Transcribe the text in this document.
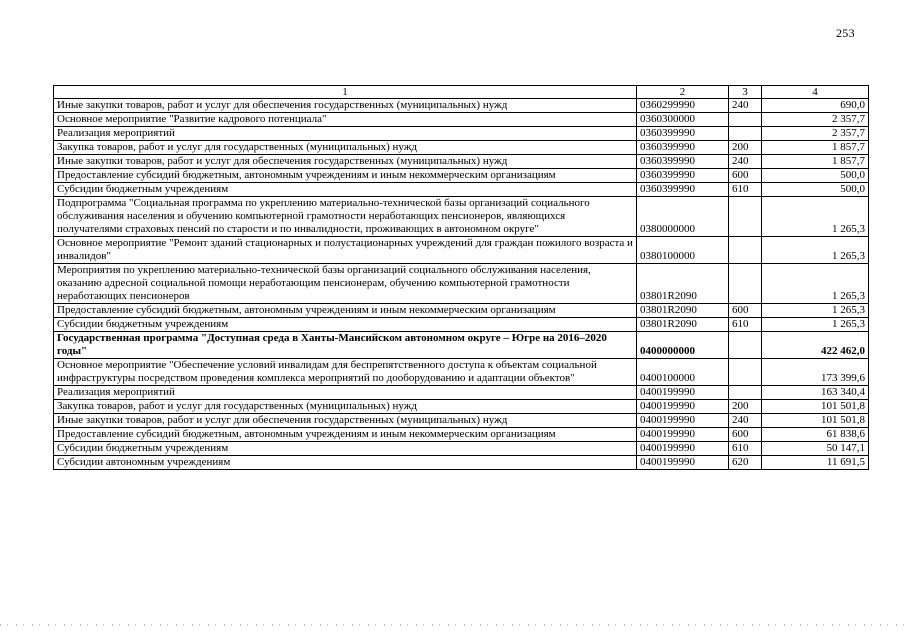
253
1	2	3	4
Иные закупки товаров, работ и услуг для обеспечения государственных (муниципальных) нужд	0360299990	240	690,0
Основное мероприятие "Развитие кадрового потенциала"	0360300000		2 357,7
Реализация мероприятий	0360399990		2 357,7
Закупка товаров, работ и услуг для государственных (муниципальных) нужд	0360399990	200	1 857,7
Иные закупки товаров, работ и услуг для обеспечения государственных (муниципальных) нужд	0360399990	240	1 857,7
Предоставление субсидий бюджетным, автономным учреждениям и иным некоммерческим организациям	0360399990	600	500,0
Субсидии бюджетным учреждениям	0360399990	610	500,0
Подпрограмма "Социальная программа по укреплению материально-технической базы организаций социального обслуживания населения и обучению компьютерной грамотности неработающих пенсионеров, являющихся получателями страховых пенсий по старости и по инвалидности, проживающих в автономном округе"	0380000000		1 265,3
Основное мероприятие "Ремонт зданий стационарных и полустационарных учреждений для граждан пожилого возраста и инвалидов"	0380100000		1 265,3
Мероприятия по укреплению материально-технической базы организаций социального обслуживания населения, оказанию адресной социальной помощи неработающим пенсионерам, обучению компьютерной грамотности неработающих пенсионеров	03801R2090		1 265,3
Предоставление субсидий бюджетным, автономным учреждениям и иным некоммерческим организациям	03801R2090	600	1 265,3
Субсидии бюджетным учреждениям	03801R2090	610	1 265,3
Государственная программа "Доступная среда в Ханты-Мансийском автономном округе – Югре на 2016–2020 годы"	0400000000		422 462,0
Основное мероприятие "Обеспечение условий инвалидам для беспрепятственного доступа к объектам социальной инфраструктуры посредством проведения комплекса мероприятий по дооборудованию и адаптации объектов"	0400100000		173 399,6
Реализация мероприятий	0400199990		163 340,4
Закупка товаров, работ и услуг для государственных (муниципальных) нужд	0400199990	200	101 501,8
Иные закупки товаров, работ и услуг для обеспечения государственных (муниципальных) нужд	0400199990	240	101 501,8
Предоставление субсидий бюджетным, автономным учреждениям и иным некоммерческим организациям	0400199990	600	61 838,6
Субсидии бюджетным учреждениям	0400199990	610	50 147,1
Субсидии автономным учреждениям	0400199990	620	11 691,5
